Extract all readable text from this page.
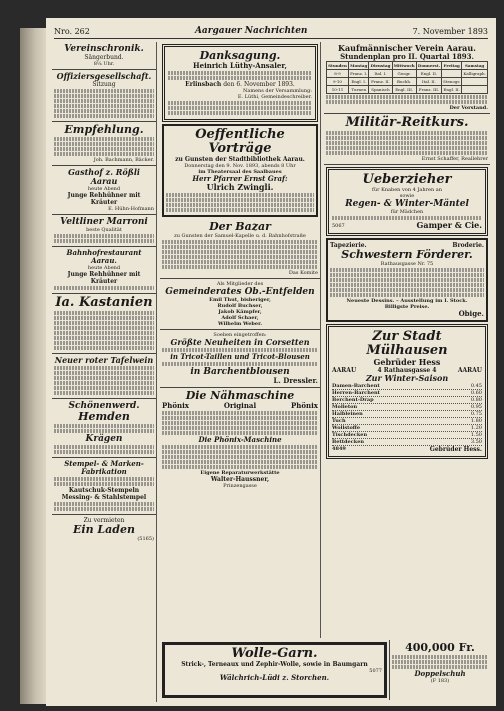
Nro. 262	Aargauer Nachrichten	7. November 1893
Vereinschronik.
Sängerbund.
8¼ Uhr.
Offiziersgesellschaft.
Sitzung
Empfehlung.
Joh. Bachmann, Bäcker.
Gasthof z. Rößli Aarau
heute Abend
Junge Rehhühner mit Kräuter
E. Hühn-Hofmann
Veltliner Marroni
beste Qualität
Bahnhofrestaurant Aarau.
heute Abend
Junge Rehhühner mit Kräuter
Ia. Kastanien
Neuer roter Tafelwein
Schönenwerd.
Hemden
Krägen
Stempel- & Marken-
Fabrikation
Kautschuk-Stempeln
Messing- & Stahlstempel
Zu vermieten
Ein Laden
(5165)
Danksagung.
Heinrich Lüthy-Ansaler,
Erlinsbach den 6. November 1893.
Namens der Versammlung:
E. Lüthi, Gemeindeschreiber.
Oeffentliche Vorträge
zu Gunsten der Stadtbibliothek Aarau.
Donnerstag den 9. Nov. 1893, abends 8 Uhr
im Theatersaal des Saalbaues
Herr Pfarrer Ernst Graf:
Ulrich Zwingli.
Der Bazar
zu Gunsten der Samuel-Kapelle u. d. Bahnhofstraße
Das Komite
Als Mitglieder des
Gemeinderates Ob.-Entfelden
Emil Thut, bisheriger,
Rudolf Buchser,
Jakob Kämpfer,
Adolf Schaer,
Wilhelm Weber.
Soeben eingetroffen:
Größte Neuheiten in Corsetten
in Tricot-Taillen und Tricot-Blousen
in Barchentblousen
L. Dressler.
Die Nähmaschine
Phönix	Original	Phönix
Die Phönix-Maschine
Eigene Reparaturwerkstätte
Walter-Haussner,
Prinzengasse
Kaufmännischer Verein Aarau.
Stundenplan pro II. Quartal 1893.
Stunden	Montag	Dienstag	Mittwoch	Donnerst.	Freitag	Samstag
8-9	Franz. I.	Ital. I.	Geogr.	Engl. II.		Kalligraph.
9-10	Engl. I.	Franz. II.	Buchh.	Ital. II.	Stenogr.	
10-11	Turnen	Spanisch	Engl. III.	Franz. III.	Engl. II.	
Der Vorstand.
Militär-Reitkurs.
Ernst Schaffer, Reallehrer
Ueberzieher
für Knaben von 4 Jahren an
sowie
Regen- & Winter-Mäntel
für Mädchen
5067	Gamper & Cie.
Tapezierie.	Broderie.
Schwestern Förderer.
Rathausgasse Nr. 75
Neueste Dessins. – Ausstellung im I. Stock.
Billigste Preise.
Obige.
Zur Stadt Mülhausen
Gebrüder Hess
AARAU	4 Rathausgasse 4	AARAU
Zur Winter-Saison
Damen-Barchent	0.45
Herren-Barchent	0.60
Berchent-Drap	0.80
Molleton	0.95
Halbleinen	0.75
Tuch	1.80
Wollstoffe	1.20
Tischdecken	1.50
Bettdecken	3.50
4849	Gebrüder Hess.
Wolle-Garn.
Strick-, Terneaux und Zephir-Wolle, sowie in Baumgarn
5077
Wälchrich-Lüdi z. Storchen.
400,000 Fr.
Doppelschuh
(F 183)
